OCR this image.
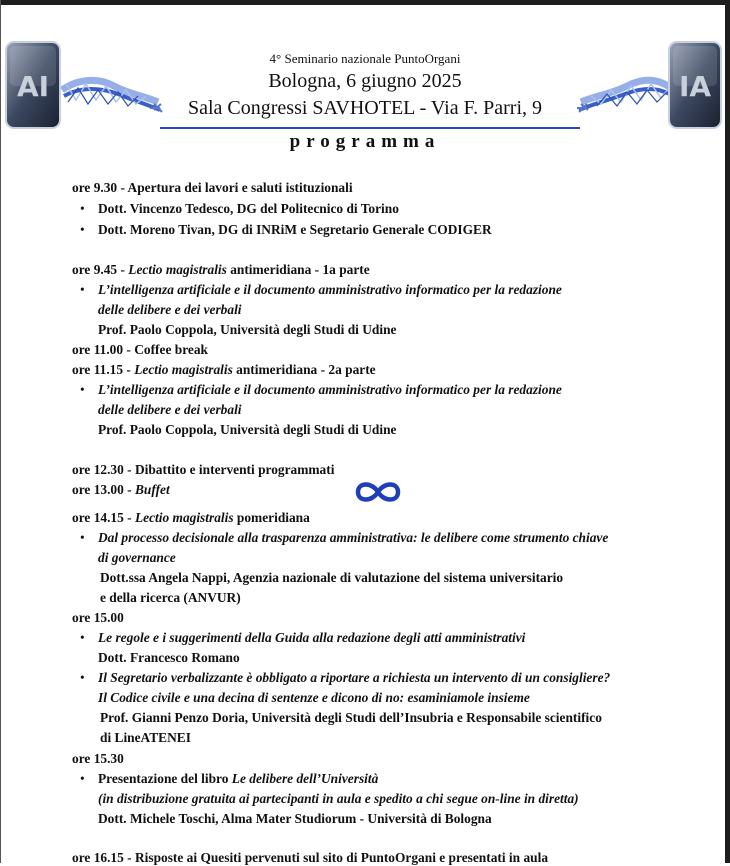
AI	IA
4° Seminario nazionale PuntoOrgani
Bologna, 6 giugno 2025
Sala Congressi SAVHOTEL - Via F. Parri, 9
programma
ore 9.30 - Apertura dei lavori e saluti istituzionali
• Dott. Vincenzo Tedesco, DG del Politecnico di Torino
• Dott. Moreno Tivan, DG di INRiM e Segretario Generale CODIGER
ore 9.45 - Lectio magistralis antimeridiana - 1a parte
• L’intelligenza artificiale e il documento amministrativo informatico per la redazione
delle delibere e dei verbali
Prof. Paolo Coppola, Università degli Studi di Udine
ore 11.00 - Coffee break
ore 11.15 - Lectio magistralis antimeridiana - 2a parte
• L’intelligenza artificiale e il documento amministrativo informatico per la redazione
delle delibere e dei verbali
Prof. Paolo Coppola, Università degli Studi di Udine
ore 12.30 - Dibattito e interventi programmati
ore 13.00 - Buffet
ore 14.15 - Lectio magistralis pomeridiana
• Dal processo decisionale alla trasparenza amministrativa: le delibere come strumento chiave
di governance
Dott.ssa Angela Nappi, Agenzia nazionale di valutazione del sistema universitario
e della ricerca (ANVUR)
ore 15.00
• Le regole e i suggerimenti della Guida alla redazione degli atti amministrativi
Dott. Francesco Romano
• Il Segretario verbalizzante è obbligato a riportare a richiesta un intervento di un consigliere?
Il Codice civile e una decina di sentenze e dicono di no: esaminiamole insieme
Prof. Gianni Penzo Doria, Università degli Studi dell’Insubria e Responsabile scientifico
di LineATENEI
ore 15.30
• Presentazione del libro Le delibere dell’Università
(in distribuzione gratuita ai partecipanti in aula e spedito a chi segue on-line in diretta)
Dott. Michele Toschi, Alma Mater Studiorum - Università di Bologna
ore 16.15 - Risposte ai Quesiti pervenuti sul sito di PuntoOrgani e presentati in aula
